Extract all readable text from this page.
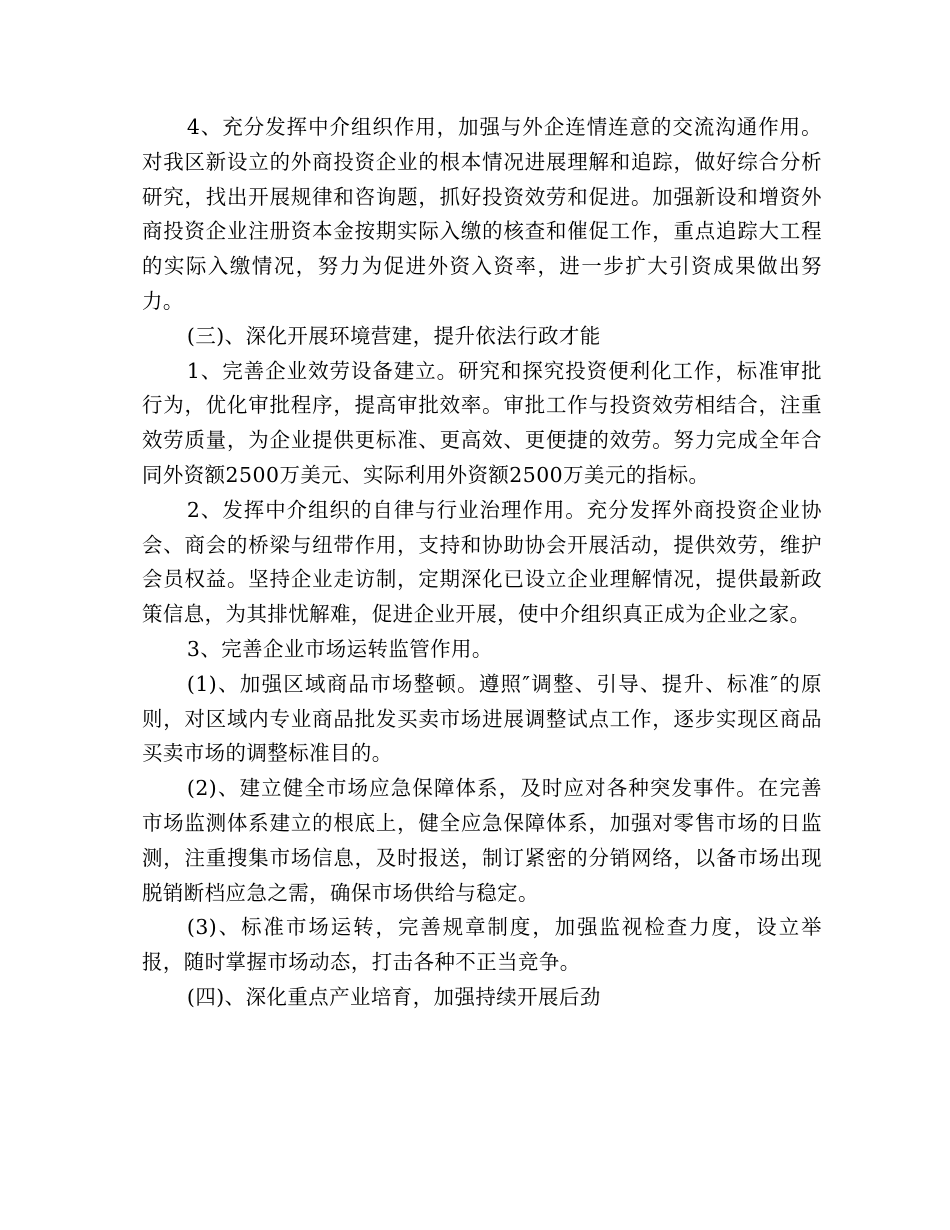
4、充分发挥中介组织作用，加强与外企连情连意的交流沟通作用。对我区新设立的外商投资企业的根本情况进展理解和追踪，做好综合分析研究，找出开展规律和咨询题，抓好投资效劳和促进。加强新设和增资外商投资企业注册资本金按期实际入缴的核查和催促工作，重点追踪大工程的实际入缴情况，努力为促进外资入资率，进一步扩大引资成果做出努力。

(三)、深化开展环境营建，提升依法行政才能

1、完善企业效劳设备建立。研究和探究投资便利化工作，标准审批行为，优化审批程序，提高审批效率。审批工作与投资效劳相结合，注重效劳质量，为企业提供更标准、更高效、更便捷的效劳。努力完成全年合同外资额2500万美元、实际利用外资额2500万美元的指标。

2、发挥中介组织的自律与行业治理作用。充分发挥外商投资企业协会、商会的桥梁与纽带作用，支持和协助协会开展活动，提供效劳，维护会员权益。坚持企业走访制，定期深化已设立企业理解情况，提供最新政策信息，为其排忧解难，促进企业开展，使中介组织真正成为企业之家。

3、完善企业市场运转监管作用。

(1)、加强区域商品市场整顿。遵照″调整、引导、提升、标准″的原则，对区域内专业商品批发买卖市场进展调整试点工作，逐步实现区商品买卖市场的调整标准目的。

(2)、建立健全市场应急保障体系，及时应对各种突发事件。在完善市场监测体系建立的根底上，健全应急保障体系，加强对零售市场的日监测，注重搜集市场信息，及时报送，制订紧密的分销网络，以备市场出现脱销断档应急之需，确保市场供给与稳定。

(3)、标准市场运转，完善规章制度，加强监视检查力度，设立举报，随时掌握市场动态，打击各种不正当竞争。

(四)、深化重点产业培育，加强持续开展后劲
